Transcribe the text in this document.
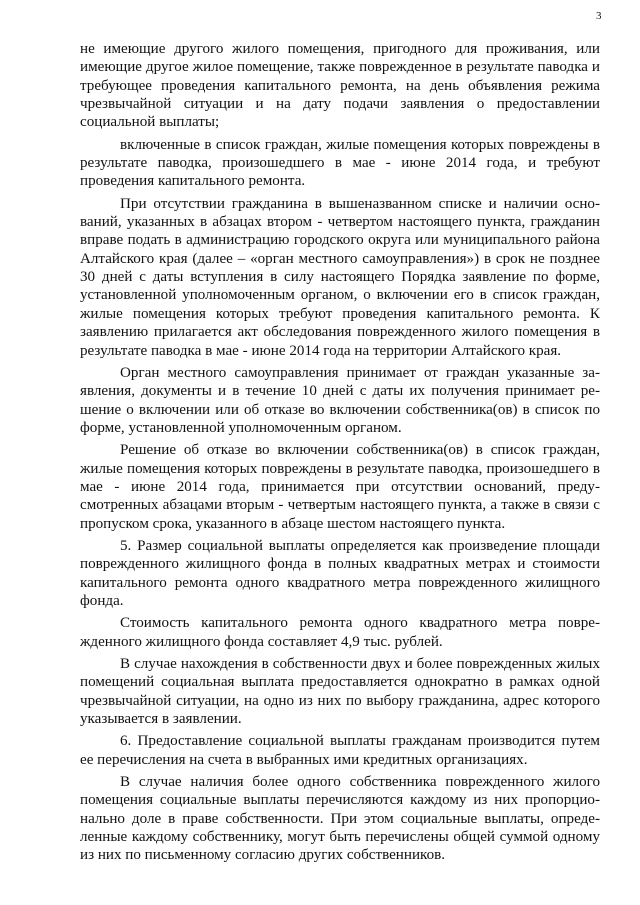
3

не имеющие другого жилого помещения, пригодного для проживания, или имеющие другое жилое помещение, также поврежденное в результате паводка и требующее проведения капитального ремонта, на день объявления режима чрезвычайной ситуации и на дату подачи заявления о предоставлении социальной выплаты;

включенные в список граждан, жилые помещения которых повреждены в результате паводка, произошедшего в мае - июне 2014 года, и требуют проведения капитального ремонта.

При отсутствии гражданина в вышеназванном списке и наличии оснований, указанных в абзацах втором - четвертом настоящего пункта, гражданин вправе подать в администрацию городского округа или муниципального района Алтайского края (далее – «орган местного самоуправления») в срок не позднее 30 дней с даты вступления в силу настоящего Порядка заявление по форме, установленной уполномоченным органом, о включении его в список граждан, жилые помещения которых требуют проведения капитального ремонта. К заявлению прилагается акт обследования поврежденного жилого помещения в результате паводка в мае - июне 2014 года на территории Алтайского края.

Орган местного самоуправления принимает от граждан указанные заявления, документы и в течение 10 дней с даты их получения принимает решение о включении или об отказе во включении собственника(ов) в список по форме, установленной уполномоченным органом.

Решение об отказе во включении собственника(ов) в список граждан, жилые помещения которых повреждены в результате паводка, произошедшего в мае - июне 2014 года, принимается при отсутствии оснований, предусмотренных абзацами вторым - четвертым настоящего пункта, а также в связи с пропуском срока, указанного в абзаце шестом настоящего пункта.

5. Размер социальной выплаты определяется как произведение площади поврежденного жилищного фонда в полных квадратных метрах и стоимости капитального ремонта одного квадратного метра поврежденного жилищного фонда.

Стоимость капитального ремонта одного квадратного метра поврежденного жилищного фонда составляет 4,9 тыс. рублей.

В случае нахождения в собственности двух и более поврежденных жилых помещений социальная выплата предоставляется однократно в рамках одной чрезвычайной ситуации, на одно из них по выбору гражданина, адрес которого указывается в заявлении.

6. Предоставление социальной выплаты гражданам производится путем ее перечисления на счета в выбранных ими кредитных организациях.

В случае наличия более одного собственника поврежденного жилого помещения социальные выплаты перечисляются каждому из них пропорционально доле в праве собственности. При этом социальные выплаты, определенные каждому собственнику, могут быть перечислены общей суммой одному из них по письменному согласию других собственников.
